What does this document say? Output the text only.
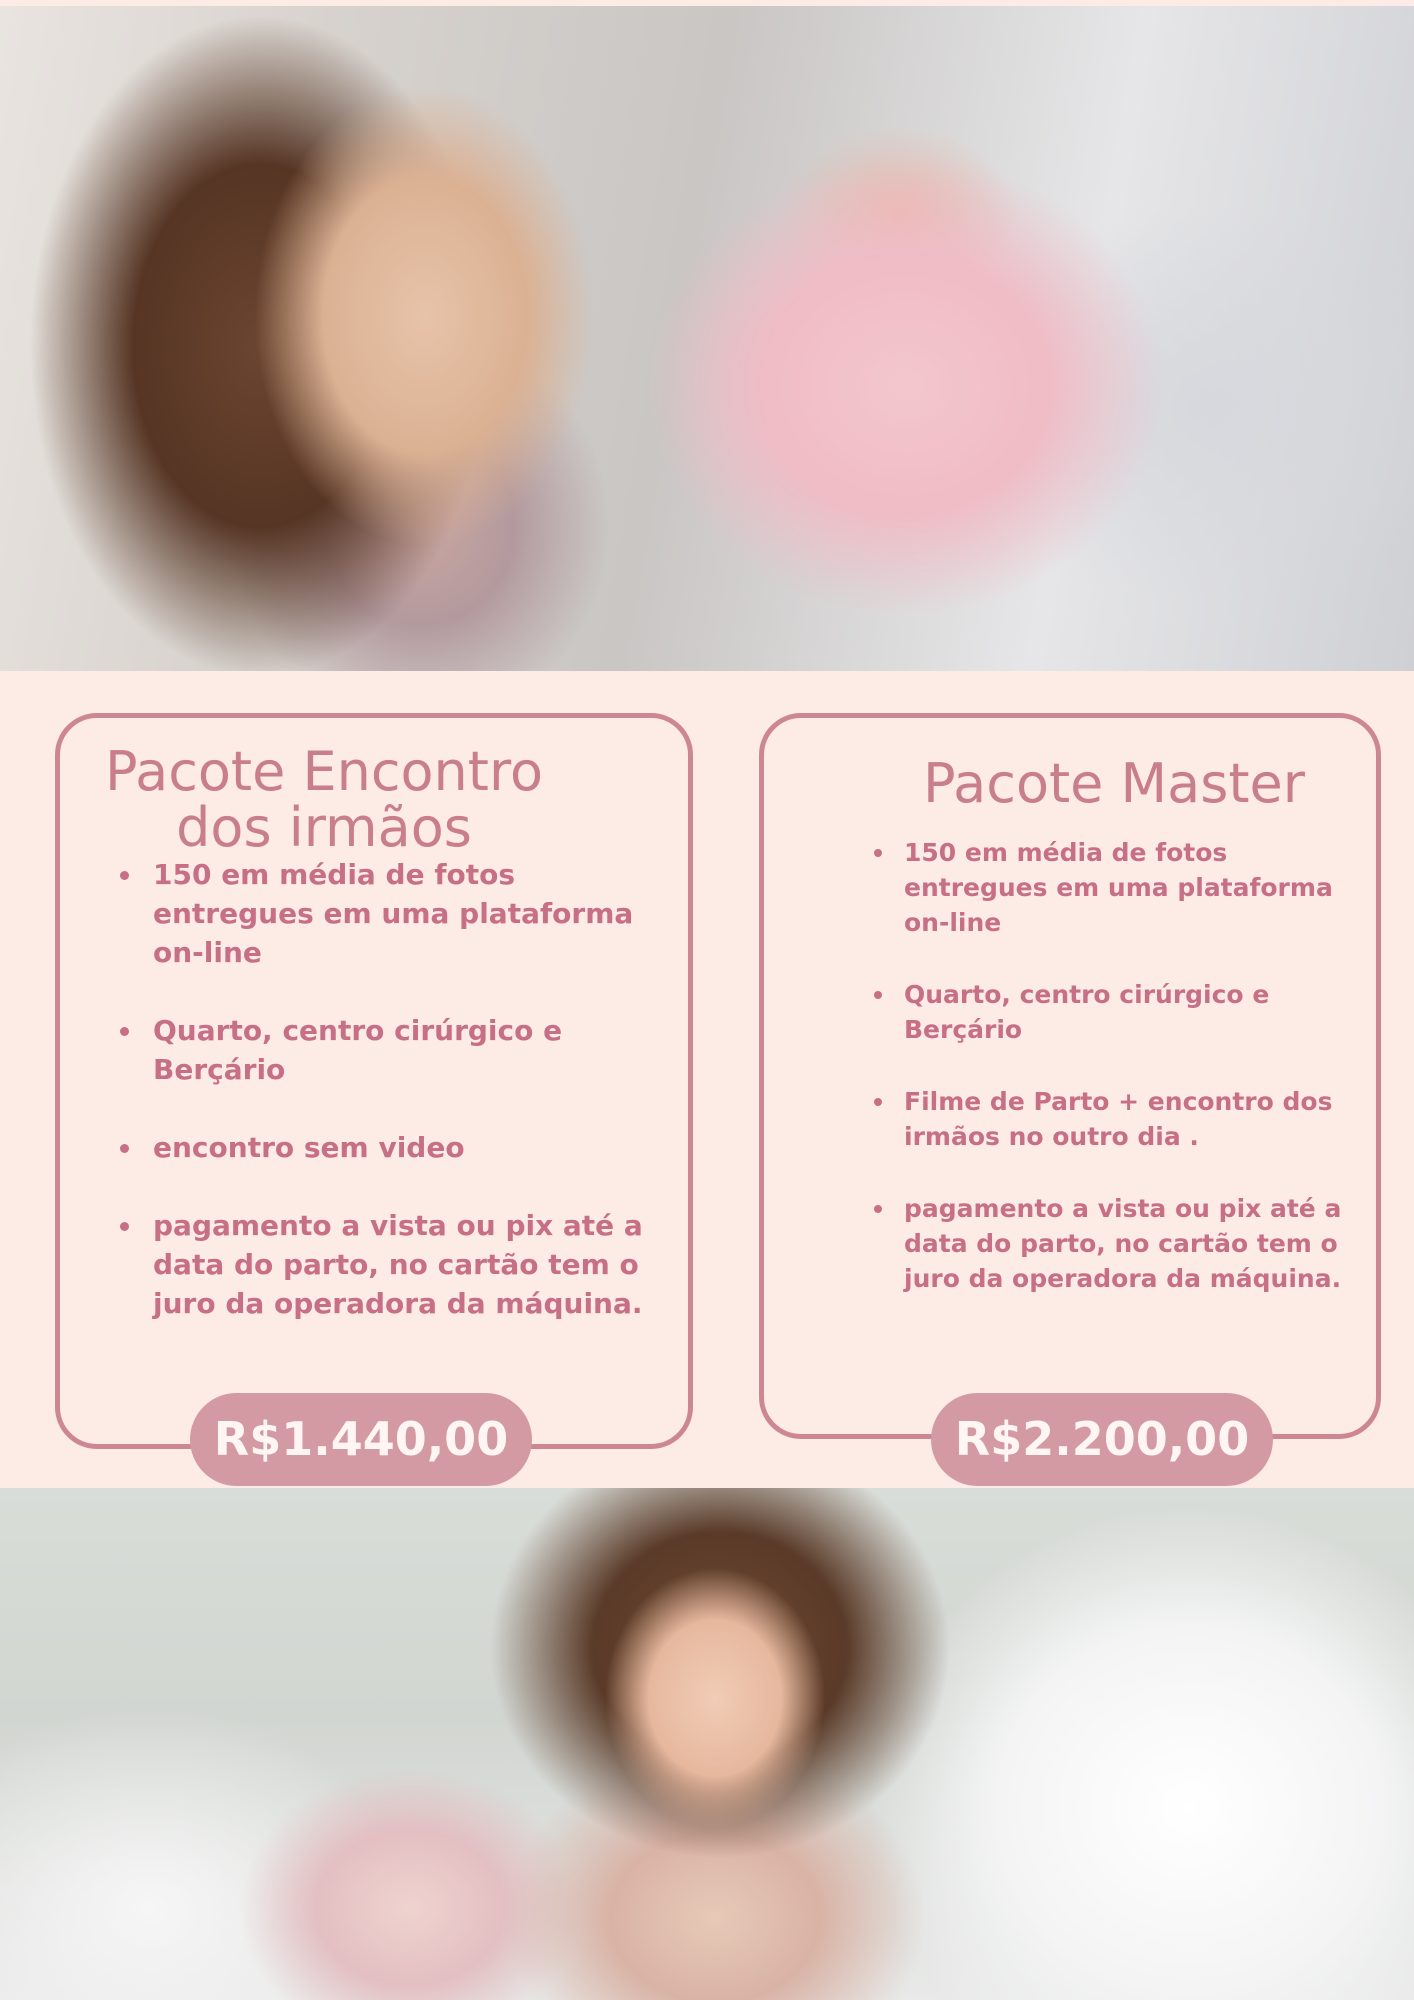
Pacote Encontro
dos irmãos
150 em média de fotos entregues em uma plataforma on-line
Quarto, centro cirúrgico e Berçário
encontro sem video
pagamento a vista ou pix até a data do parto, no cartão tem o juro da operadora da máquina.
Pacote Master
150 em média de fotos entregues em uma plataforma on-line
Quarto, centro cirúrgico e Berçário
Filme de Parto + encontro dos irmãos no outro dia .
pagamento a vista ou pix até a data do parto, no cartão tem o juro da operadora da máquina.
R$1.440,00	R$2.200,00
